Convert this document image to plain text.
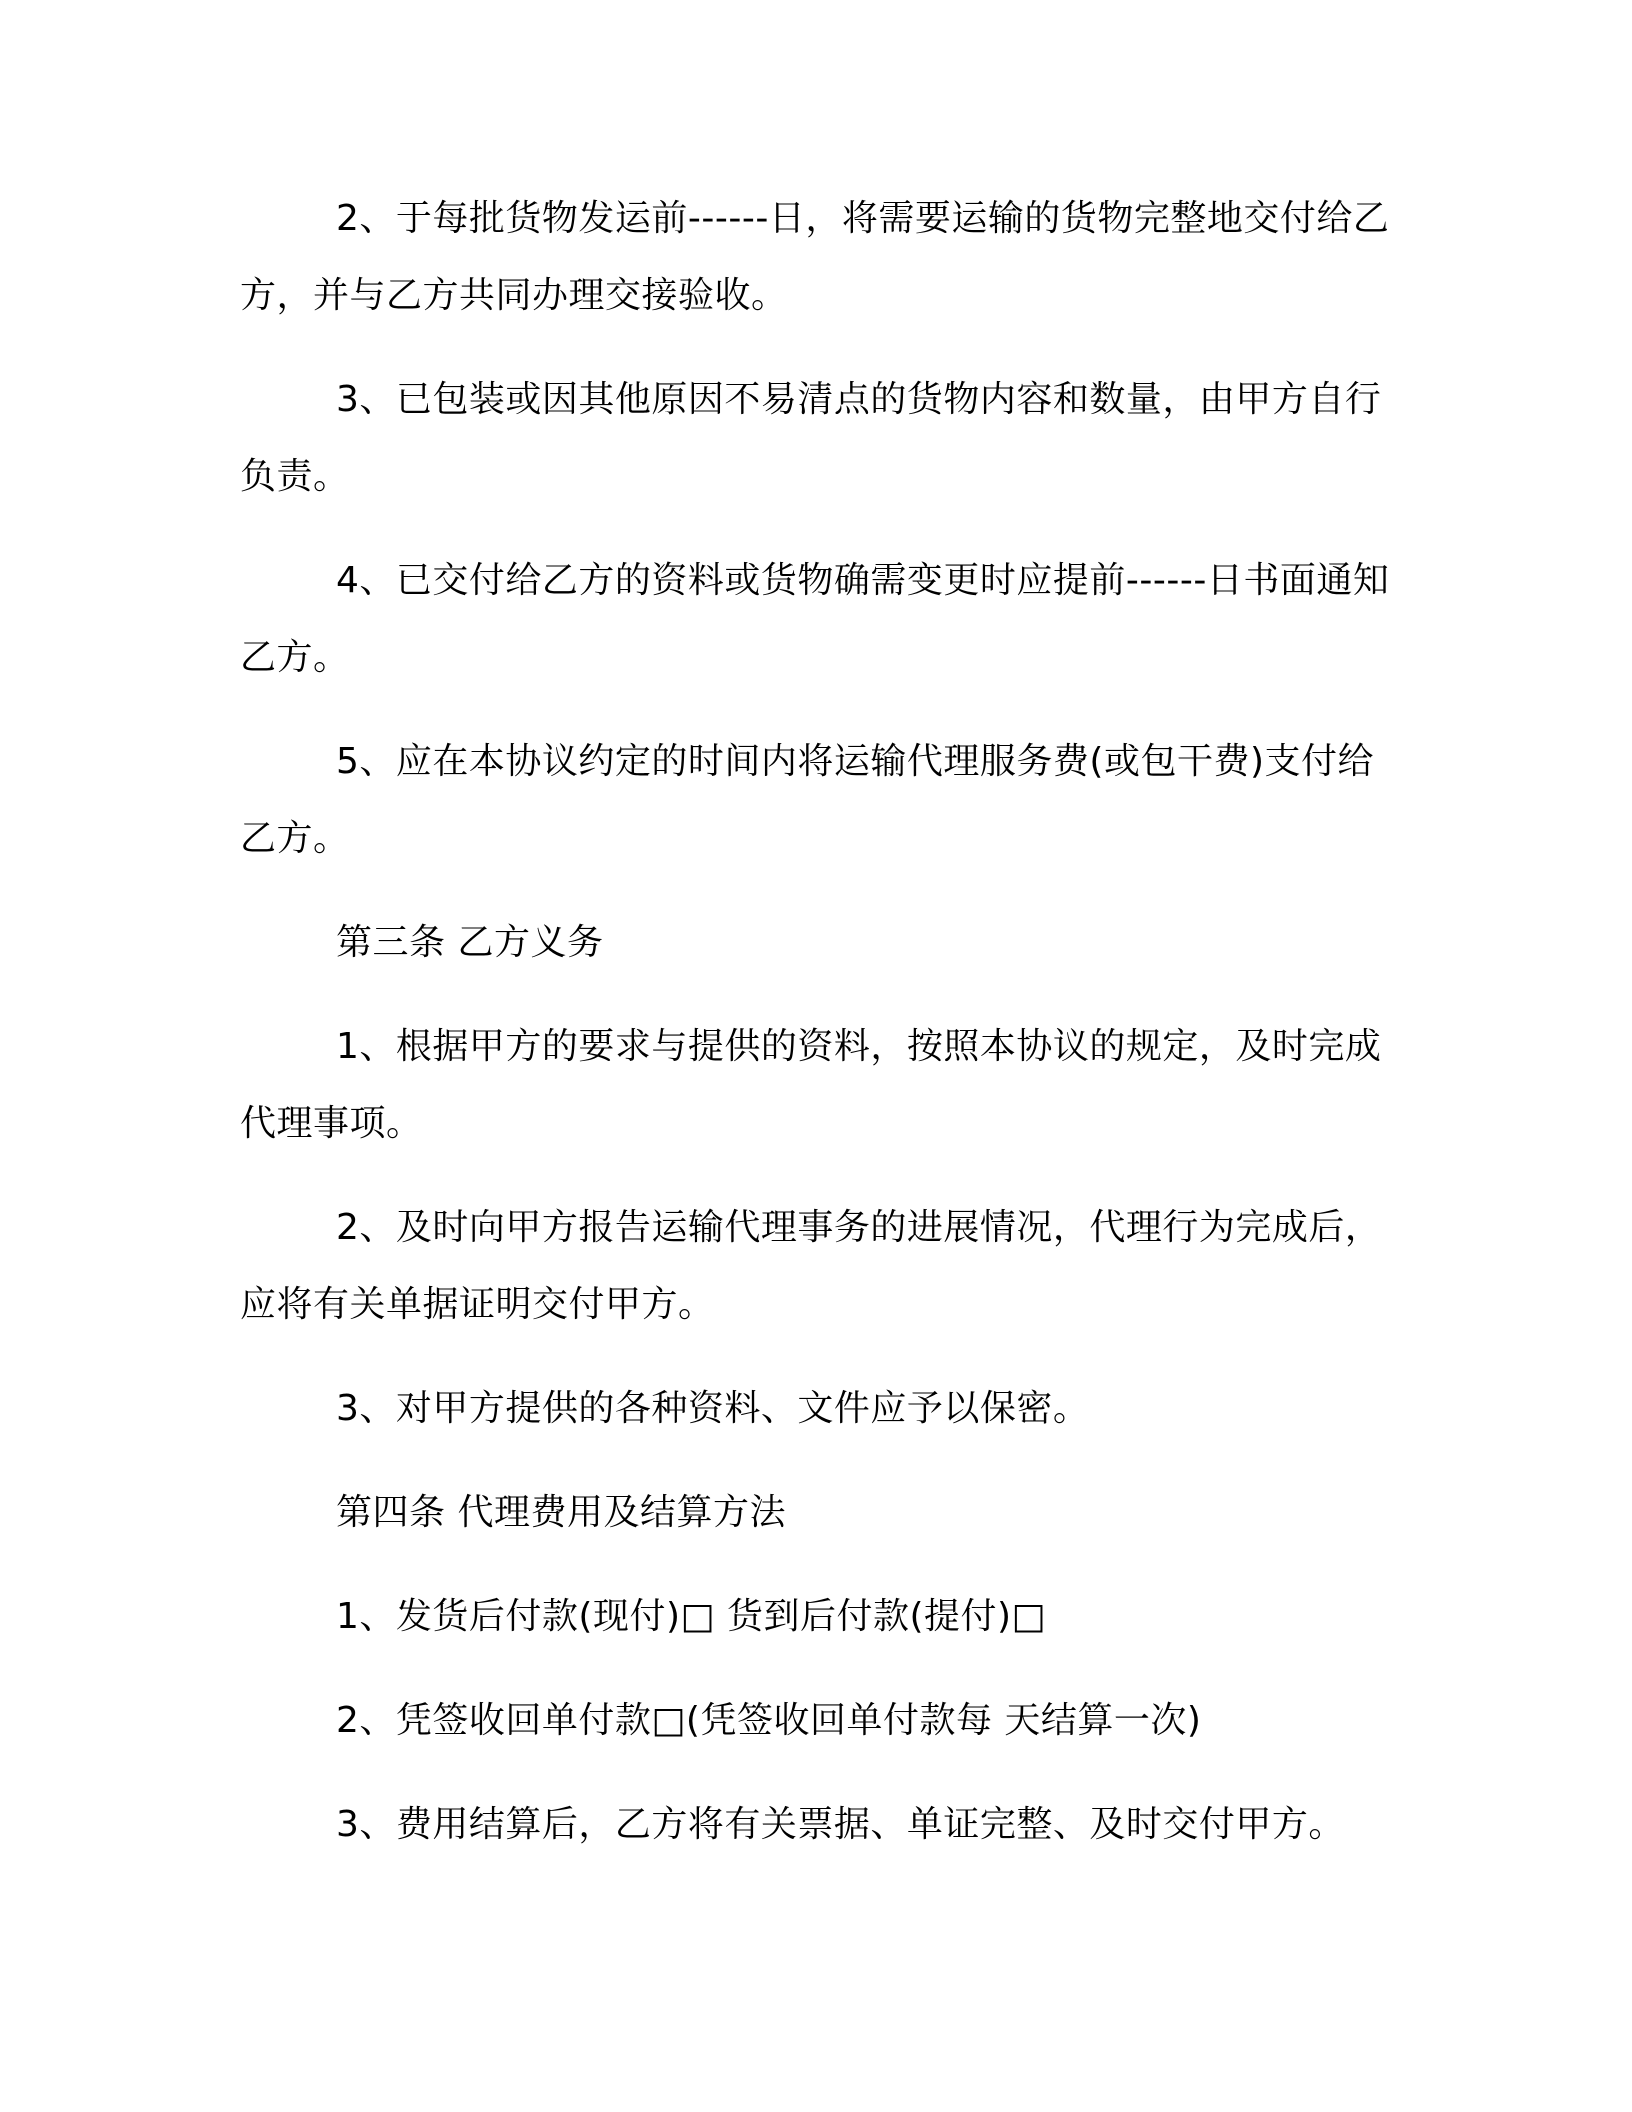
2、于每批货物发运前------日，将需要运输的货物完整地交付给乙方，并与乙方共同办理交接验收。

3、已包装或因其他原因不易清点的货物内容和数量，由甲方自行负责。

4、已交付给乙方的资料或货物确需变更时应提前------日书面通知乙方。

5、应在本协议约定的时间内将运输代理服务费(或包干费)支付给乙方。

第三条 乙方义务

1、根据甲方的要求与提供的资料，按照本协议的规定，及时完成代理事项。

2、及时向甲方报告运输代理事务的进展情况，代理行为完成后，应将有关单据证明交付甲方。

3、对甲方提供的各种资料、文件应予以保密。

第四条 代理费用及结算方法

1、发货后付款(现付)□ 货到后付款(提付)□

2、凭签收回单付款□(凭签收回单付款每 天结算一次)

3、费用结算后，乙方将有关票据、单证完整、及时交付甲方。
